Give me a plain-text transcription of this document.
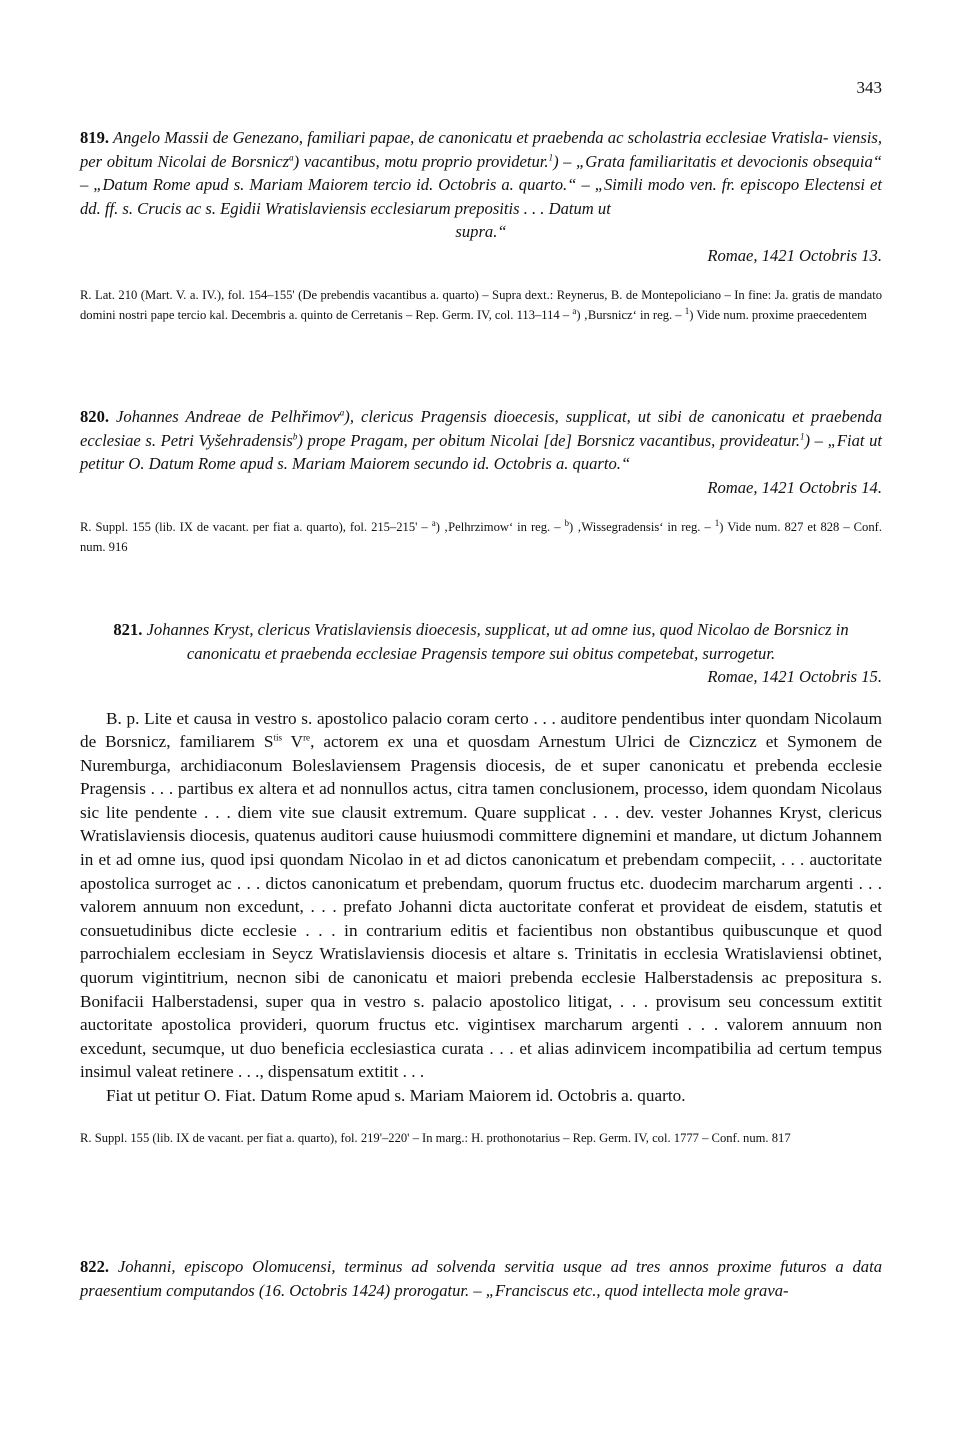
343

819. Angelo Massii de Genezano, familiari papae, de canonicatu et praebenda ac scholastria ecclesiae Vratisla- viensis, per obitum Nicolai de Borsnicz$^a$) vacantibus, motu proprio providetur.$^1$) – „Grata familiaritatis et devocionis obsequia“ – „Datum Rome apud s. Mariam Maiorem tercio id. Octobris a. quarto.“ – „Simili modo ven. fr. episcopo Electensi et dd. ff. s. Crucis ac s. Egidii Wratislaviensis ecclesiarum prepositis . . . Datum ut

supra.“

Romae, 1421 Octobris 13.

R. Lat. 210 (Mart. V. a. IV.), fol. 154–155' (De prebendis vacantibus a. quarto) – Supra dext.: Reynerus, B. de Montepoliciano – In fine: Ja. gratis de mandato domini nostri pape tercio kal. Decembris a. quinto de Cerretanis – Rep. Germ. IV, col. 113–114 – $^a$) ‚Bursnicz‘ in reg. – $^1$) Vide num. proxime praecedentem

820. Johannes Andreae de Pelhřimov$^a$), clericus Pragensis dioecesis, supplicat, ut sibi de canonicatu et praebenda ecclesiae s. Petri Vyšehradensis$^b$) prope Pragam, per obitum Nicolai [de] Borsnicz vacantibus, provideatur.$^1$) – „Fiat ut petitur O. Datum Rome apud s. Mariam Maiorem secundo id. Octobris a. quarto.“

Romae, 1421 Octobris 14.

R. Suppl. 155 (lib. IX de vacant. per fiat a. quarto), fol. 215–215' – $^a$) ‚Pelhrzimow‘ in reg. – $^b$) ‚Wissegradensis‘ in reg. – $^1$) Vide num. 827 et 828 – Conf. num. 916

821. Johannes Kryst, clericus Vratislaviensis dioecesis, supplicat, ut ad omne ius, quod Nicolao de Borsnicz in canonicatu et praebenda ecclesiae Pragensis tempore sui obitus competebat, surrogetur.

Romae, 1421 Octobris 15.

B. p. Lite et causa in vestro s. apostolico palacio coram certo . . . auditore pendentibus inter quondam Nicolaum de Borsnicz, familiarem $S^{tis}$ Vre, actorem ex una et quosdam Arnestum Ulrici de Ciznczicz et Symonem de Nuremburga, archidiaconum Boleslaviensem Pragensis diocesis, de et super canonicatu et prebenda ecclesie Pragensis . . . partibus ex altera et ad nonnullos actus, citra tamen conclusionem, processo, idem quondam Nicolaus sic lite pendente . . . diem vite sue clausit extremum. Quare supplicat . . . dev. vester Johannes Kryst, clericus Wratislaviensis diocesis, quatenus auditori cause huiusmodi committere dignemini et mandare, ut dictum Johannem in et ad omne ius, quod ipsi quondam Nicolao in et ad dictos canonicatum et prebendam compeciit, . . . auctoritate apostolica surroget ac . . . dictos canonicatum et prebendam, quorum fructus etc. duodecim marcharum argenti . . . valorem annuum non excedunt, . . . prefato Johanni dicta auctoritate conferat et provideat de eisdem, statutis et consuetudinibus dicte ecclesie . . . in contrarium editis et facientibus non obstantibus quibuscunque et quod parrochialem ecclesiam in Seycz Wratislaviensis diocesis et altare s. Trinitatis in ecclesia Wratislaviensi obtinet, quorum vigintitrium, necnon sibi de canonicatu et maiori prebenda ecclesie Halberstadensis ac prepositura s. Bonifacii Halberstadensi, super qua in vestro s. palacio apostolico litigat, . . . provisum seu concessum extitit auctoritate apostolica provideri, quorum fructus etc. vigintisex marcharum argenti . . . valorem annuum non excedunt, secumque, ut duo beneficia ecclesiastica curata . . . et alias adinvicem incompatibilia ad certum tempus insimul valeat retinere . . ., dispensatum extitit . . .

Fiat ut petitur O. Fiat. Datum Rome apud s. Mariam Maiorem id. Octobris a. quarto.

R. Suppl. 155 (lib. IX de vacant. per fiat a. quarto), fol. 219'–220' – In marg.: H. prothonotarius – Rep. Germ. IV, col. 1777 – Conf. num. 817

822. Johanni, episcopo Olomucensi, terminus ad solvenda servitia usque ad tres annos proxime futuros a data praesentium computandos (16. Octobris 1424) prorogatur. – „Franciscus etc., quod intellecta mole grava-
